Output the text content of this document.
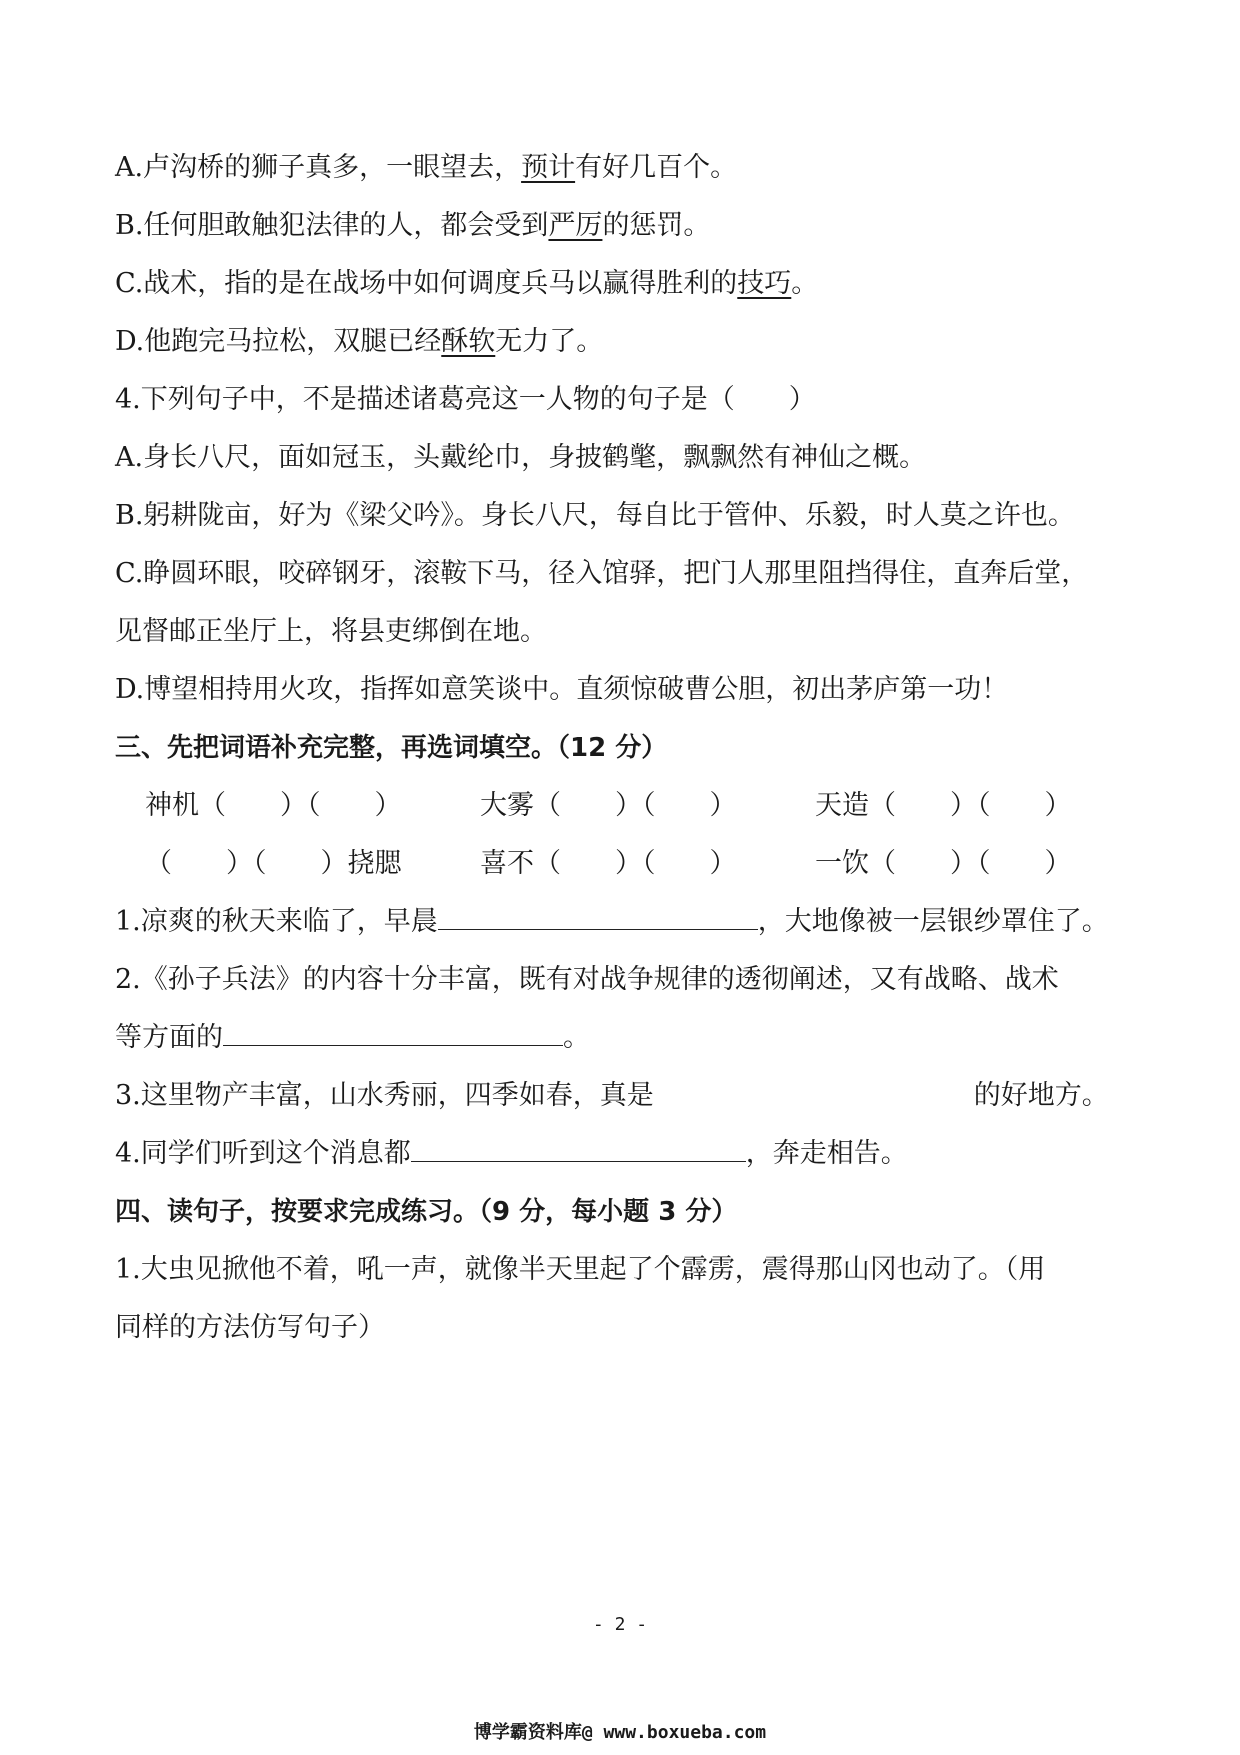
A.卢沟桥的狮子真多，一眼望去，预计有好几百个。
B.任何胆敢触犯法律的人，都会受到严厉的惩罚。
C.战术，指的是在战场中如何调度兵马以赢得胜利的技巧。
D.他跑完马拉松，双腿已经酥软无力了。
4.下列句子中，不是描述诸葛亮这一人物的句子是（　　）
A.身长八尺，面如冠玉，头戴纶巾，身披鹤氅，飘飘然有神仙之概。
B.躬耕陇亩，好为《梁父吟》。身长八尺，每自比于管仲、乐毅，时人莫之许也。
C.睁圆环眼，咬碎钢牙，滚鞍下马，径入馆驿，把门人那里阻挡得住，直奔后堂，
见督邮正坐厅上，将县吏绑倒在地。
D.博望相持用火攻，指挥如意笑谈中。直须惊破曹公胆，初出茅庐第一功！
三、先把词语补充完整，再选词填空。（12 分）
神机（　　）（　　）	大雾（　　）（　　）	天造（　　）（　　）
（　　）（　　）挠腮	喜不（　　）（　　）	一饮（　　）（　　）
1.凉爽的秋天来临了，早晨	，大地像被一层银纱罩住了。
2.《孙子兵法》的内容十分丰富，既有对战争规律的透彻阐述，又有战略、战术
等方面的	。
3.这里物产丰富，山水秀丽，四季如春，真是	的好地方。
4.同学们听到这个消息都	，奔走相告。
四、读句子，按要求完成练习。（9 分，每小题 3 分）
1.大虫见掀他不着，吼一声，就像半天里起了个霹雳，震得那山冈也动了。（用
同样的方法仿写句子）
- 2 -
博学霸资料库@ www.boxueba.com
